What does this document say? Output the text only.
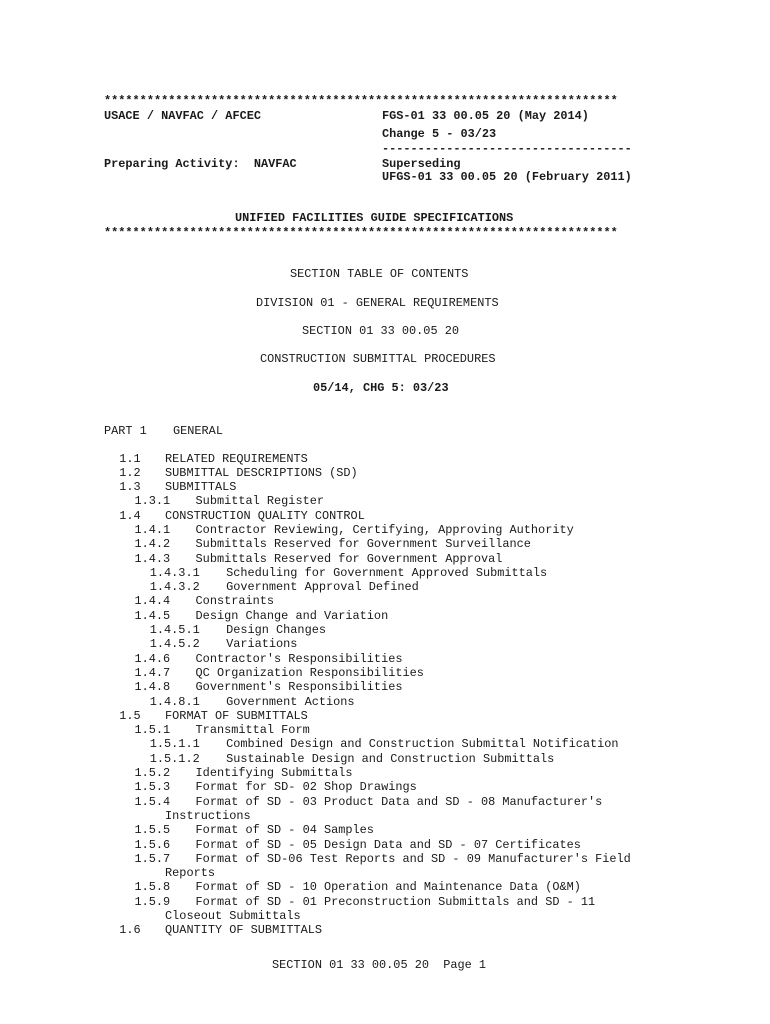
************************************************************************
USACE / NAVFAC / AFCEC	FGS-01 33 00.05 20 (May 2014)
Change 5 - 03/23
-----------------------------------
Preparing Activity:  NAVFAC	Superseding
UFGS-01 33 00.05 20 (February 2011)
UNIFIED FACILITIES GUIDE SPECIFICATIONS
************************************************************************
SECTION TABLE OF CONTENTS
DIVISION 01 - GENERAL REQUIREMENTS
SECTION 01 33 00.05 20
CONSTRUCTION SUBMITTAL PROCEDURES
05/14, CHG 5: 03/23
PART 1 GENERAL
1.1 RELATED REQUIREMENTS
1.2 SUBMITTAL DESCRIPTIONS (SD)
1.3 SUBMITTALS
1.3.1 Submittal Register
1.4 CONSTRUCTION QUALITY CONTROL
1.4.1 Contractor Reviewing, Certifying, Approving Authority
1.4.2 Submittals Reserved for Government Surveillance
1.4.3 Submittals Reserved for Government Approval
1.4.3.1 Scheduling for Government Approved Submittals
1.4.3.2 Government Approval Defined
1.4.4 Constraints
1.4.5 Design Change and Variation
1.4.5.1 Design Changes
1.4.5.2 Variations
1.4.6 Contractor's Responsibilities
1.4.7 QC Organization Responsibilities
1.4.8 Government's Responsibilities
1.4.8.1 Government Actions
1.5 FORMAT OF SUBMITTALS
1.5.1 Transmittal Form
1.5.1.1 Combined Design and Construction Submittal Notification
1.5.1.2 Sustainable Design and Construction Submittals
1.5.2 Identifying Submittals
1.5.3 Format for SD- 02 Shop Drawings
1.5.4 Format of SD - 03 Product Data and SD - 08 Manufacturer's
Instructions
1.5.5 Format of SD - 04 Samples
1.5.6 Format of SD - 05 Design Data and SD - 07 Certificates
1.5.7 Format of SD-06 Test Reports and SD - 09 Manufacturer's Field
Reports
1.5.8 Format of SD - 10 Operation and Maintenance Data (O&M)
1.5.9 Format of SD - 01 Preconstruction Submittals and SD - 11
Closeout Submittals
1.6 QUANTITY OF SUBMITTALS
SECTION 01 33 00.05 20  Page 1
